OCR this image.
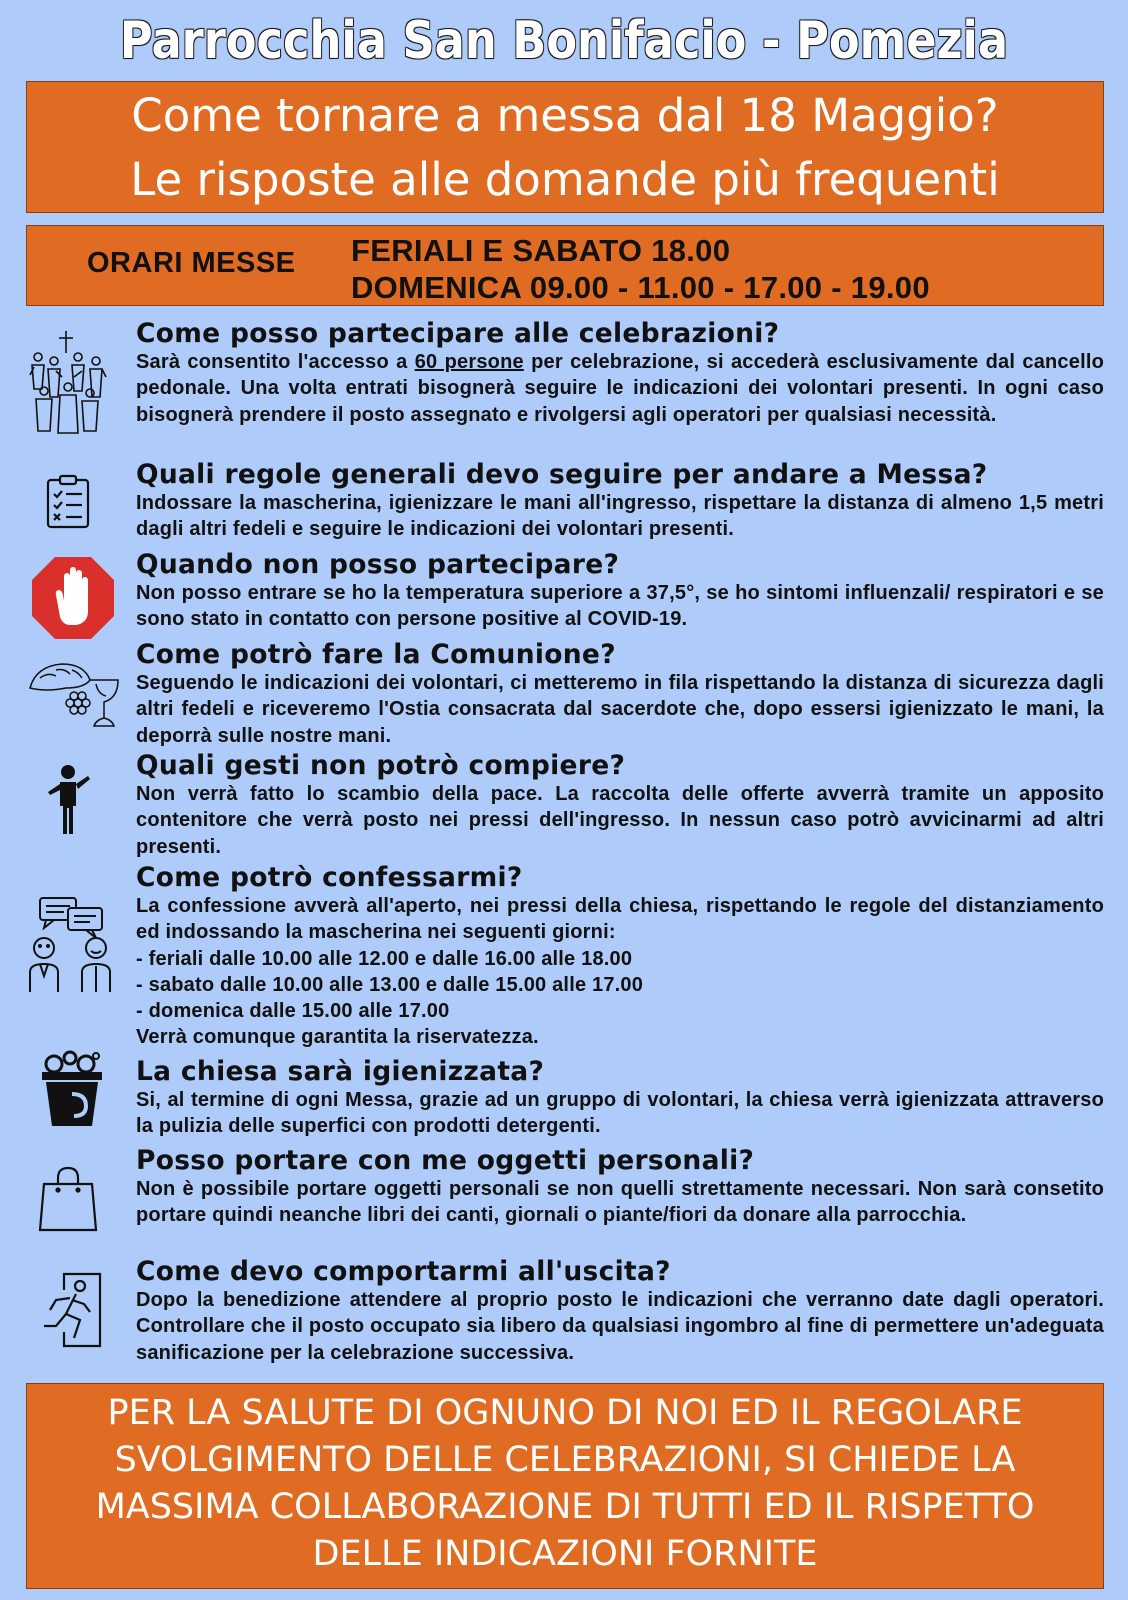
Parrocchia San Bonifacio - Pomezia
Come tornare a messa dal 18 Maggio?
Le risposte alle domande più frequenti
ORARI MESSE FERIALI E SABATO 18.00
DOMENICA 09.00 - 11.00 - 17.00 - 19.00
Come posso partecipare alle celebrazioni?

Sarà consentito l'accesso a 60 persone per celebrazione, si accederà esclusivamente dal cancello pedonale. Una volta entrati bisognerà seguire le indicazioni dei volontari presenti. In ogni caso bisognerà prendere il posto assegnato e rivolgersi agli operatori per qualsiasi necessità.

Quali regole generali devo seguire per andare a Messa?

Indossare la mascherina, igienizzare le mani all'ingresso, rispettare la distanza di almeno 1,5 metri dagli altri fedeli e seguire le indicazioni dei volontari presenti.

Quando non posso partecipare?

Non posso entrare se ho la temperatura superiore a 37,5°, se ho sintomi influenzali/ respiratori e se sono stato in contatto con persone positive al COVID-19.

Come potrò fare la Comunione?

Seguendo le indicazioni dei volontari, ci metteremo in fila rispettando la distanza di sicurezza dagli altri fedeli e riceveremo l'Ostia consacrata dal sacerdote che, dopo essersi igienizzato le mani, la deporrà sulle nostre mani.

Quali gesti non potrò compiere?

Non verrà fatto lo scambio della pace. La raccolta delle offerte avverrà tramite un apposito contenitore che verrà posto nei pressi dell'ingresso. In nessun caso potrò avvicinarmi ad altri presenti.

Come potrò confessarmi?

La confessione avverà all'aperto, nei pressi della chiesa, rispettando le regole del distanziamento ed indossando la mascherina nei seguenti giorni:
- feriali dalle 10.00 alle 12.00 e dalle 16.00 alle 18.00
- sabato dalle 10.00 alle 13.00 e dalle 15.00 alle 17.00
- domenica dalle 15.00 alle 17.00
Verrà comunque garantita la riservatezza.

La chiesa sarà igienizzata?

Si, al termine di ogni Messa, grazie ad un gruppo di volontari, la chiesa verrà igienizzata attraverso la pulizia delle superfici con prodotti detergenti.

Posso portare con me oggetti personali?

Non è possibile portare oggetti personali se non quelli strettamente necessari. Non sarà consetito portare quindi neanche libri dei canti, giornali o piante/fiori da donare alla parrocchia.

Come devo comportarmi all'uscita?

Dopo la benedizione attendere al proprio posto le indicazioni che verranno date dagli operatori. Controllare che il posto occupato sia libero da qualsiasi ingombro al fine di permettere un'adeguata sanificazione per la celebrazione successiva.

PER LA SALUTE DI OGNUNO DI NOI ED IL REGOLARE
SVOLGIMENTO DELLE CELEBRAZIONI, SI CHIEDE LA
MASSIMA COLLABORAZIONE DI TUTTI ED IL RISPETTO
DELLE INDICAZIONI FORNITE
